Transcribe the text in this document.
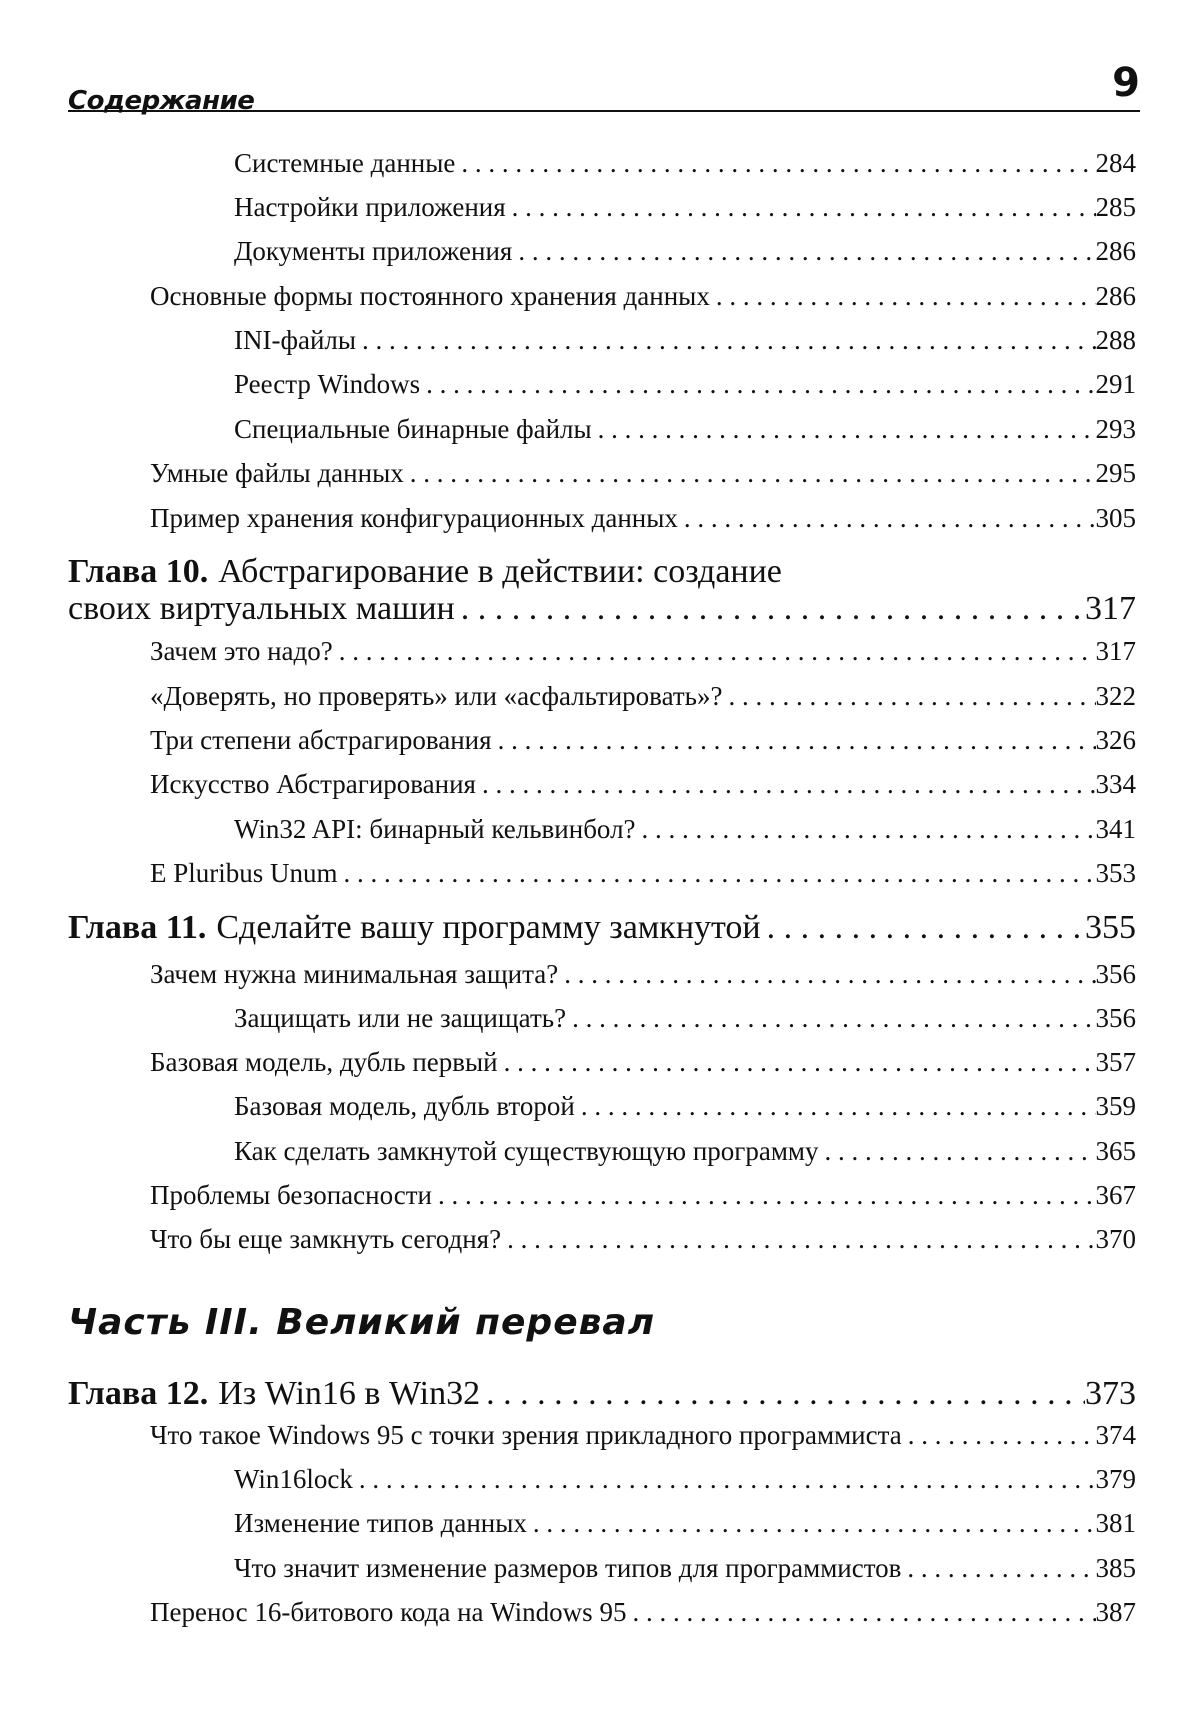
Содержание	9
Системные данные . . .	284
Настройки приложения . . .	285
Документы приложения . . .	286
Основные формы постоянного хранения данных . . .	286
INI-файлы . . .	288
Реестр Windows . . .	291
Специальные бинарные файлы . . .	293
Умные файлы данных . . .	295
Пример хранения конфигурационных данных . . .	305
Глава 10. Абстрагирование в действии: создание
своих виртуальных машин . . .	317
Зачем это надо? . . .	317
«Доверять, но проверять» или «асфальтировать»? . . .	322
Три степени абстрагирования . . .	326
Искусство Абстрагирования . . .	334
Win32 API: бинарный кельвинбол? . . .	341
E Pluribus Unum . . .	353
Глава 11. Сделайте вашу программу замкнутой . . .	355
Зачем нужна минимальная защита? . . .	356
Защищать или не защищать? . . .	356
Базовая модель, дубль первый . . .	357
Базовая модель, дубль второй . . .	359
Как сделать замкнутой существующую программу . . .	365
Проблемы безопасности . . .	367
Что бы еще замкнуть сегодня? . . .	370
Часть III. Великий перевал
Глава 12. Из Win16 в Win32 . . .	373
Что такое Windows 95 с точки зрения прикладного программиста . . .	374
Win16lock . . .	379
Изменение типов данных . . .	381
Что значит изменение размеров типов для программистов . . .	385
Перенос 16-битового кода на Windows 95 . . .	387
